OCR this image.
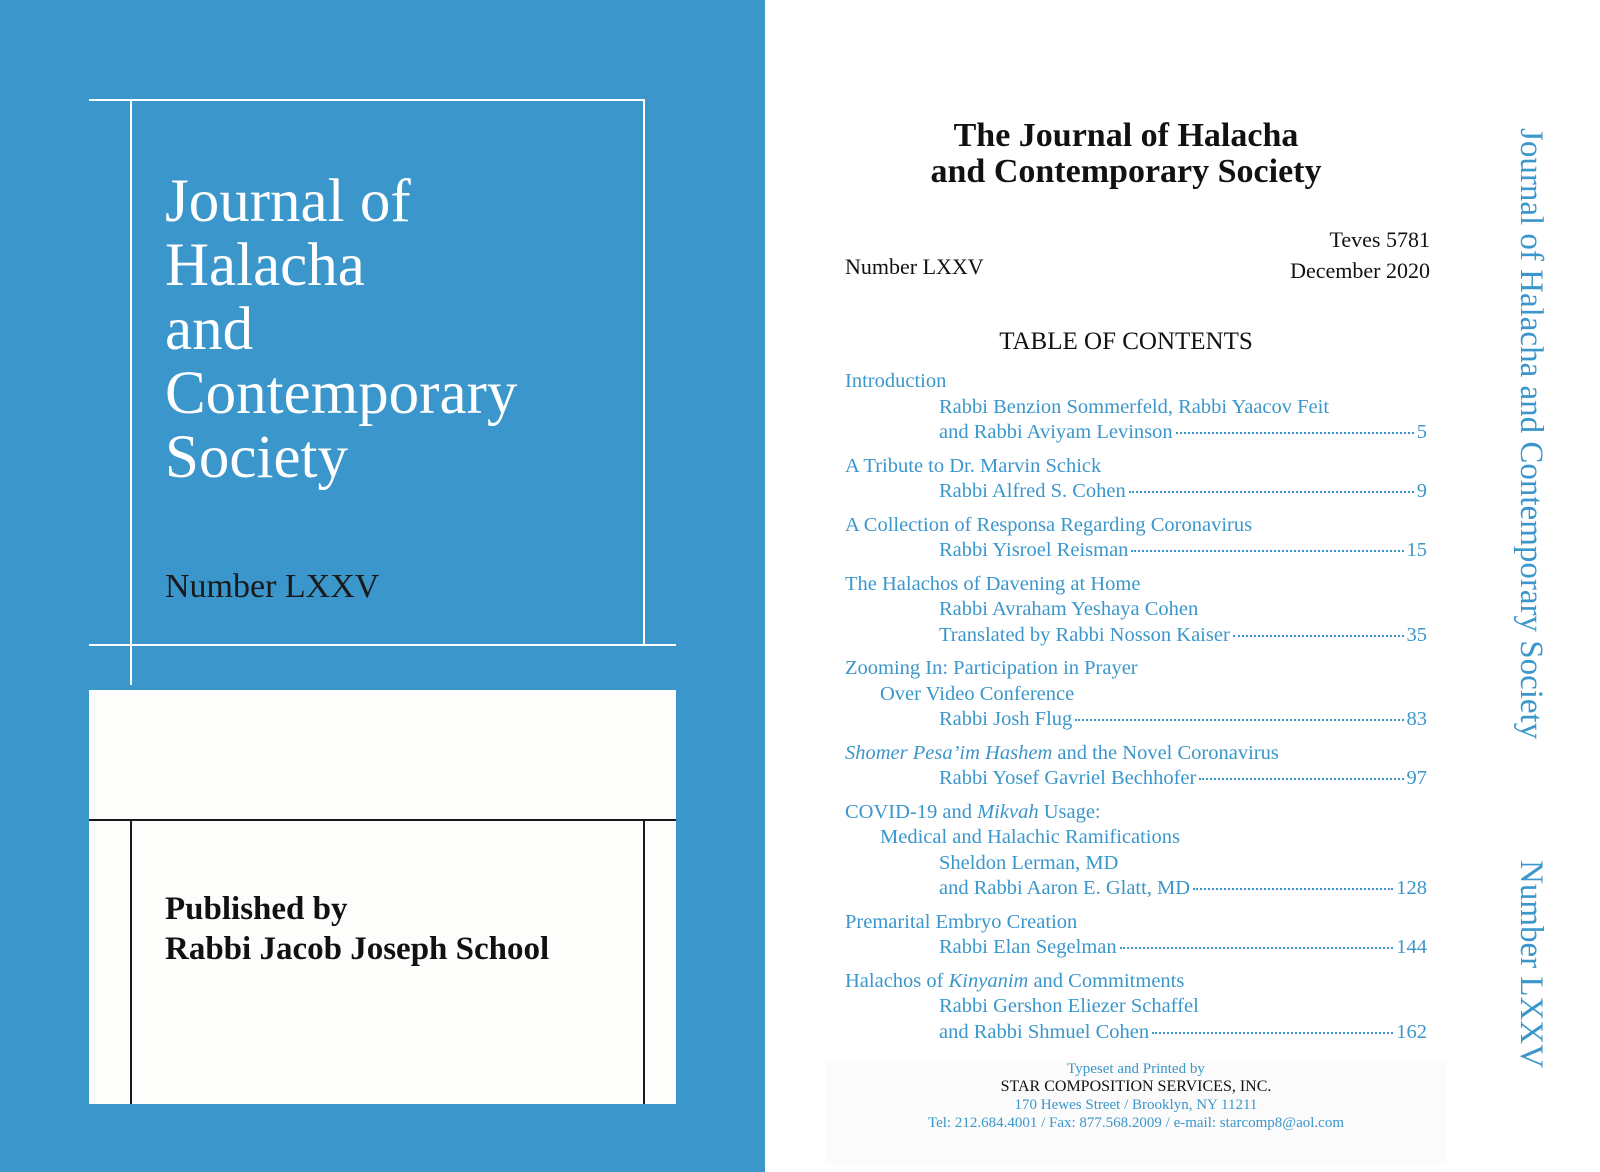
Journal of
Halacha
and
Contemporary
Society
Number LXXV
Published by
Rabbi Jacob Joseph School
The Journal of Halacha
and Contemporary Society
Number LXXV
Teves 5781
December 2020
TABLE OF CONTENTS
Introduction
Rabbi Benzion Sommerfeld, Rabbi Yaacov Feit
and Rabbi Aviyam Levinson	5
A Tribute to Dr. Marvin Schick
Rabbi Alfred S. Cohen	9
A Collection of Responsa Regarding Coronavirus
Rabbi Yisroel Reisman	15
The Halachos of Davening at Home
Rabbi Avraham Yeshaya Cohen
Translated by Rabbi Nosson Kaiser	35
Zooming In: Participation in Prayer
Over Video Conference
Rabbi Josh Flug	83
Shomer Pesa’im Hashem and the Novel Coronavirus
Rabbi Yosef Gavriel Bechhofer	97
COVID-19 and Mikvah Usage:
Medical and Halachic Ramifications
Sheldon Lerman, MD
and Rabbi Aaron E. Glatt, MD	128
Premarital Embryo Creation
Rabbi Elan Segelman	144
Halachos of Kinyanim and Commitments
Rabbi Gershon Eliezer Schaffel
and Rabbi Shmuel Cohen	162
Typeset and Printed by
STAR COMPOSITION SERVICES, INC.
170 Hewes Street / Brooklyn, NY 11211
Tel: 212.684.4001 / Fax: 877.568.2009 / e-mail: starcomp8@aol.com
Journal of Halacha and Contemporary Society
Number LXXV
